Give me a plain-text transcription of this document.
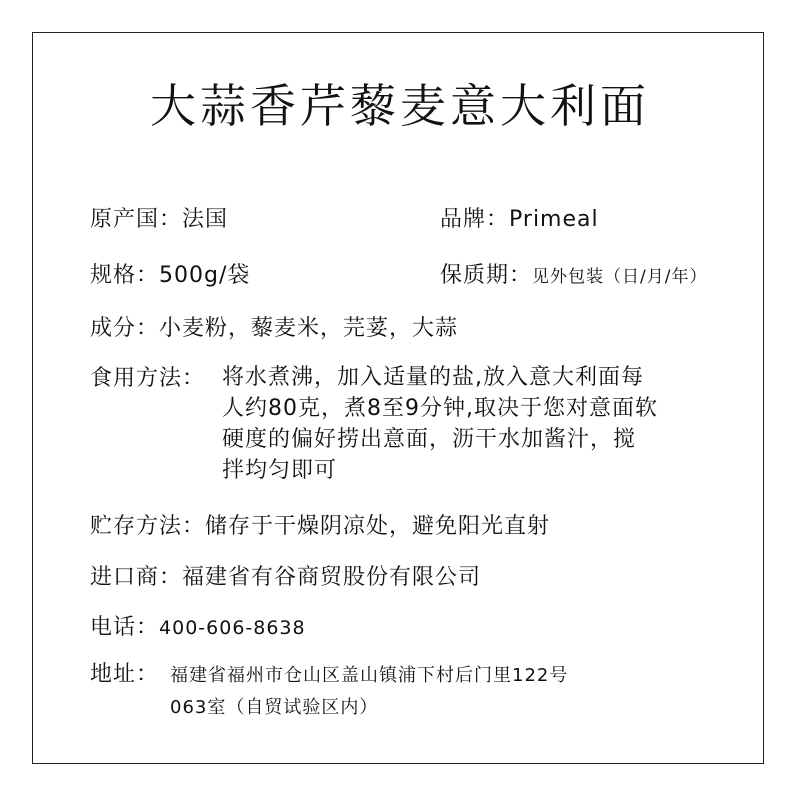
大蒜香芹藜麦意大利面
原产国：法国	品牌：Primeal
规格：500g/袋	保质期：见外包装（日/月/年）
成分：小麦粉，藜麦米，芫荽，大蒜
食用方法： 将水煮沸，加入适量的盐,放入意大利面每
人约80克，煮8至9分钟,取决于您对意面软
硬度的偏好捞出意面，沥干水加酱汁，搅
拌均匀即可
贮存方法：储存于干燥阴凉处，避免阳光直射
进口商：福建省有谷商贸股份有限公司
电话：400-606-8638
地址： 福建省福州市仓山区盖山镇浦下村后门里122号
063室（自贸试验区内）
